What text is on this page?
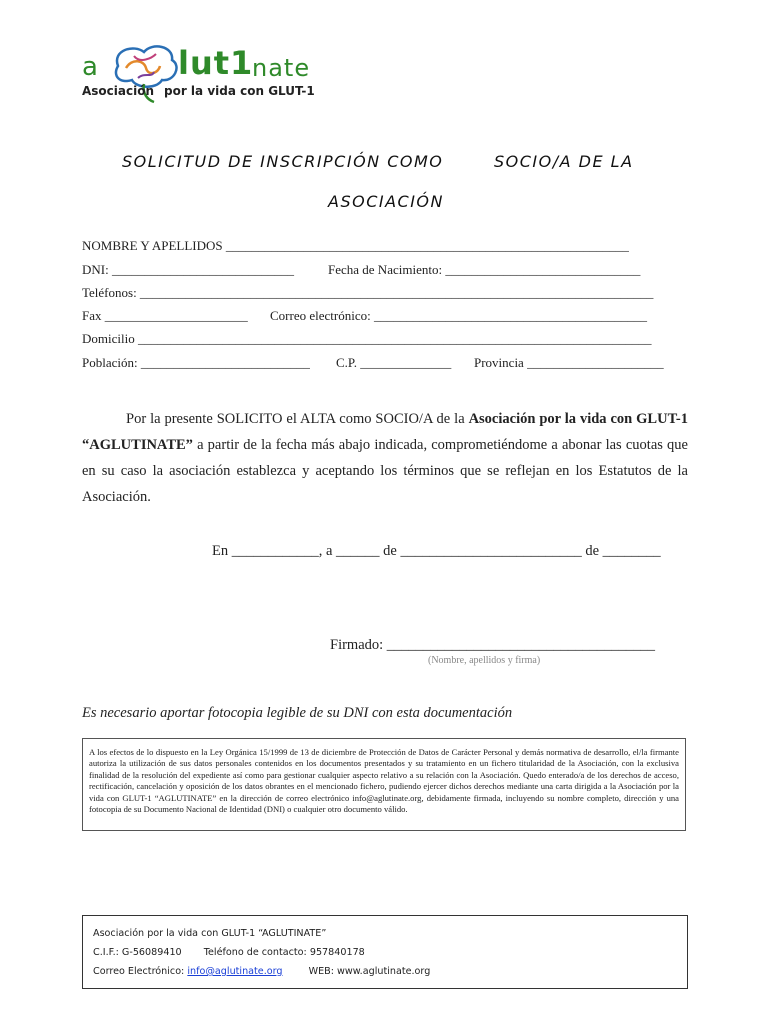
a lut1
nate
Asociación por la vida con GLUT-1
SOLICITUD DE INSCRIPCIÓN COMO	SOCIO/A DE LA
ASOCIACIÓN
NOMBRE Y APELLIDOS ______________________________________________________________
DNI: ____________________________	Fecha de Nacimiento: ______________________________
Teléfonos: _______________________________________________________________________________
Fax ______________________ Correo electrónico: __________________________________________
Domicilio _______________________________________________________________________________
Población: __________________________ C.P. ______________ Provincia _____________________
Por la presente SOLICITO el ALTA como SOCIO/A de la Asociación por la vida con GLUT-1 “AGLUTINATE” a partir de la fecha más abajo indicada, comprometiéndome a abonar las cuotas que en su caso la asociación establezca y aceptando los términos que se reflejan en los Estatutos de la Asociación.
En ____________, a ______ de _________________________ de ________
Firmado: _____________________________________
(Nombre, apellidos y firma)
Es necesario aportar fotocopia legible de su DNI con esta documentación
A los efectos de lo dispuesto en la Ley Orgánica 15/1999 de 13 de diciembre de Protección de Datos de Carácter Personal y demás normativa de desarrollo, el/la firmante autoriza la utilización de sus datos personales contenidos en los documentos presentados y su tratamiento en un fichero titularidad de la Asociación, con la exclusiva finalidad de la resolución del expediente así como para gestionar cualquier aspecto relativo a su relación con la Asociación. Quedo enterado/a de los derechos de acceso, rectificación, cancelación y oposición de los datos obrantes en el mencionado fichero, pudiendo ejercer dichos derechos mediante una carta dirigida a la Asociación por la vida con GLUT-1 “AGLUTINATE” en la dirección de correo electrónico info@aglutinate.org, debidamente firmada, incluyendo su nombre completo, dirección y una fotocopia de su Documento Nacional de Identidad (DNI) o cualquier otro documento válido.
Asociación por la vida con GLUT-1 “AGLUTINATE”
C.I.F.: G-56089410 Teléfono de contacto: 957840178
Correo Electrónico: info@aglutinate.org	WEB: www.aglutinate.org
